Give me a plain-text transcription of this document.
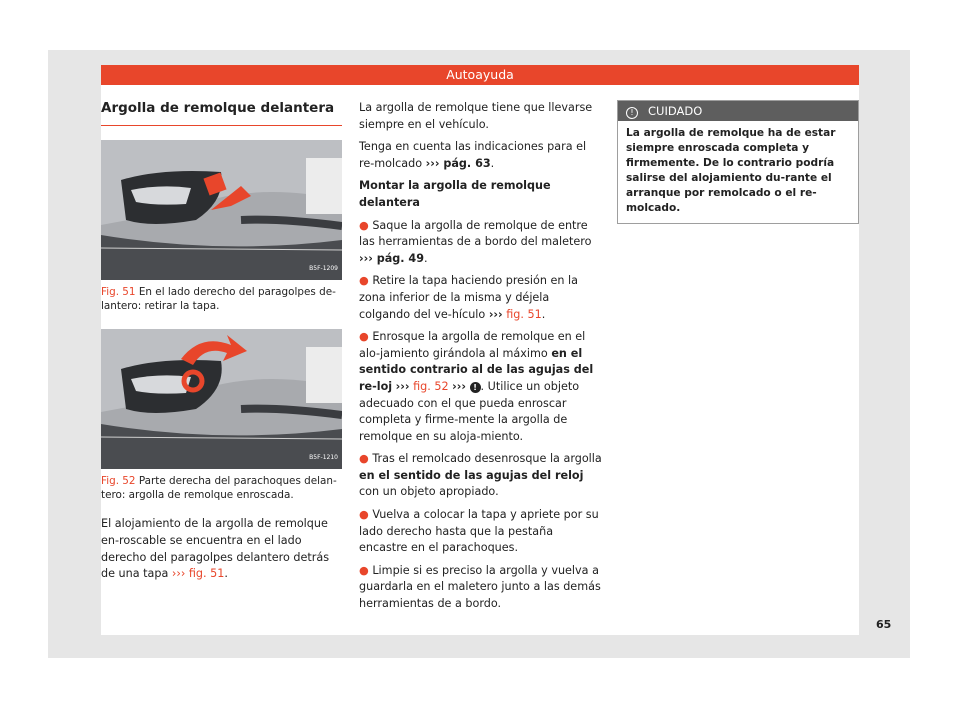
Autoayuda
Argolla de remolque delantera
B5F-1209

Fig. 51 En el lado derecho del paragolpes de-lantero: retirar la tapa.

B5F-1210

Fig. 52 Parte derecha del parachoques delan-tero: argolla de remolque enroscada.

El alojamiento de la argolla de remolque en-roscable se encuentra en el lado derecho del paragolpes delantero detrás de una tapa ››› fig. 51.

La argolla de remolque tiene que llevarse siempre en el vehículo.

Tenga en cuenta las indicaciones para el re-molcado ››› pág. 63.

Montar la argolla de remolque delantera

● Saque la argolla de remolque de entre las herramientas de a bordo del maletero ››› pág. 49.

● Retire la tapa haciendo presión en la zona inferior de la misma y déjela colgando del ve-hículo ››› fig. 51.

● Enrosque la argolla de remolque en el alo-jamiento girándola al máximo en el sentido contrario al de las agujas del re-loj ››› fig. 52 ››› ! . Utilice un objeto adecuado con el que pueda enroscar completa y firme-mente la argolla de remolque en su aloja-miento.

● Tras el remolcado desenrosque la argolla en el sentido de las agujas del reloj con un objeto apropiado.

● Vuelva a colocar la tapa y apriete por su lado derecho hasta que la pestaña encastre en el parachoques.

● Limpie si es preciso la argolla y vuelva a guardarla en el maletero junto a las demás herramientas de a bordo.

! CUIDADO
La argolla de remolque ha de estar siempre enroscada completa y firmemente. De lo contrario podría salirse del alojamiento du-rante el arranque por remolcado o el re-molcado.
65
